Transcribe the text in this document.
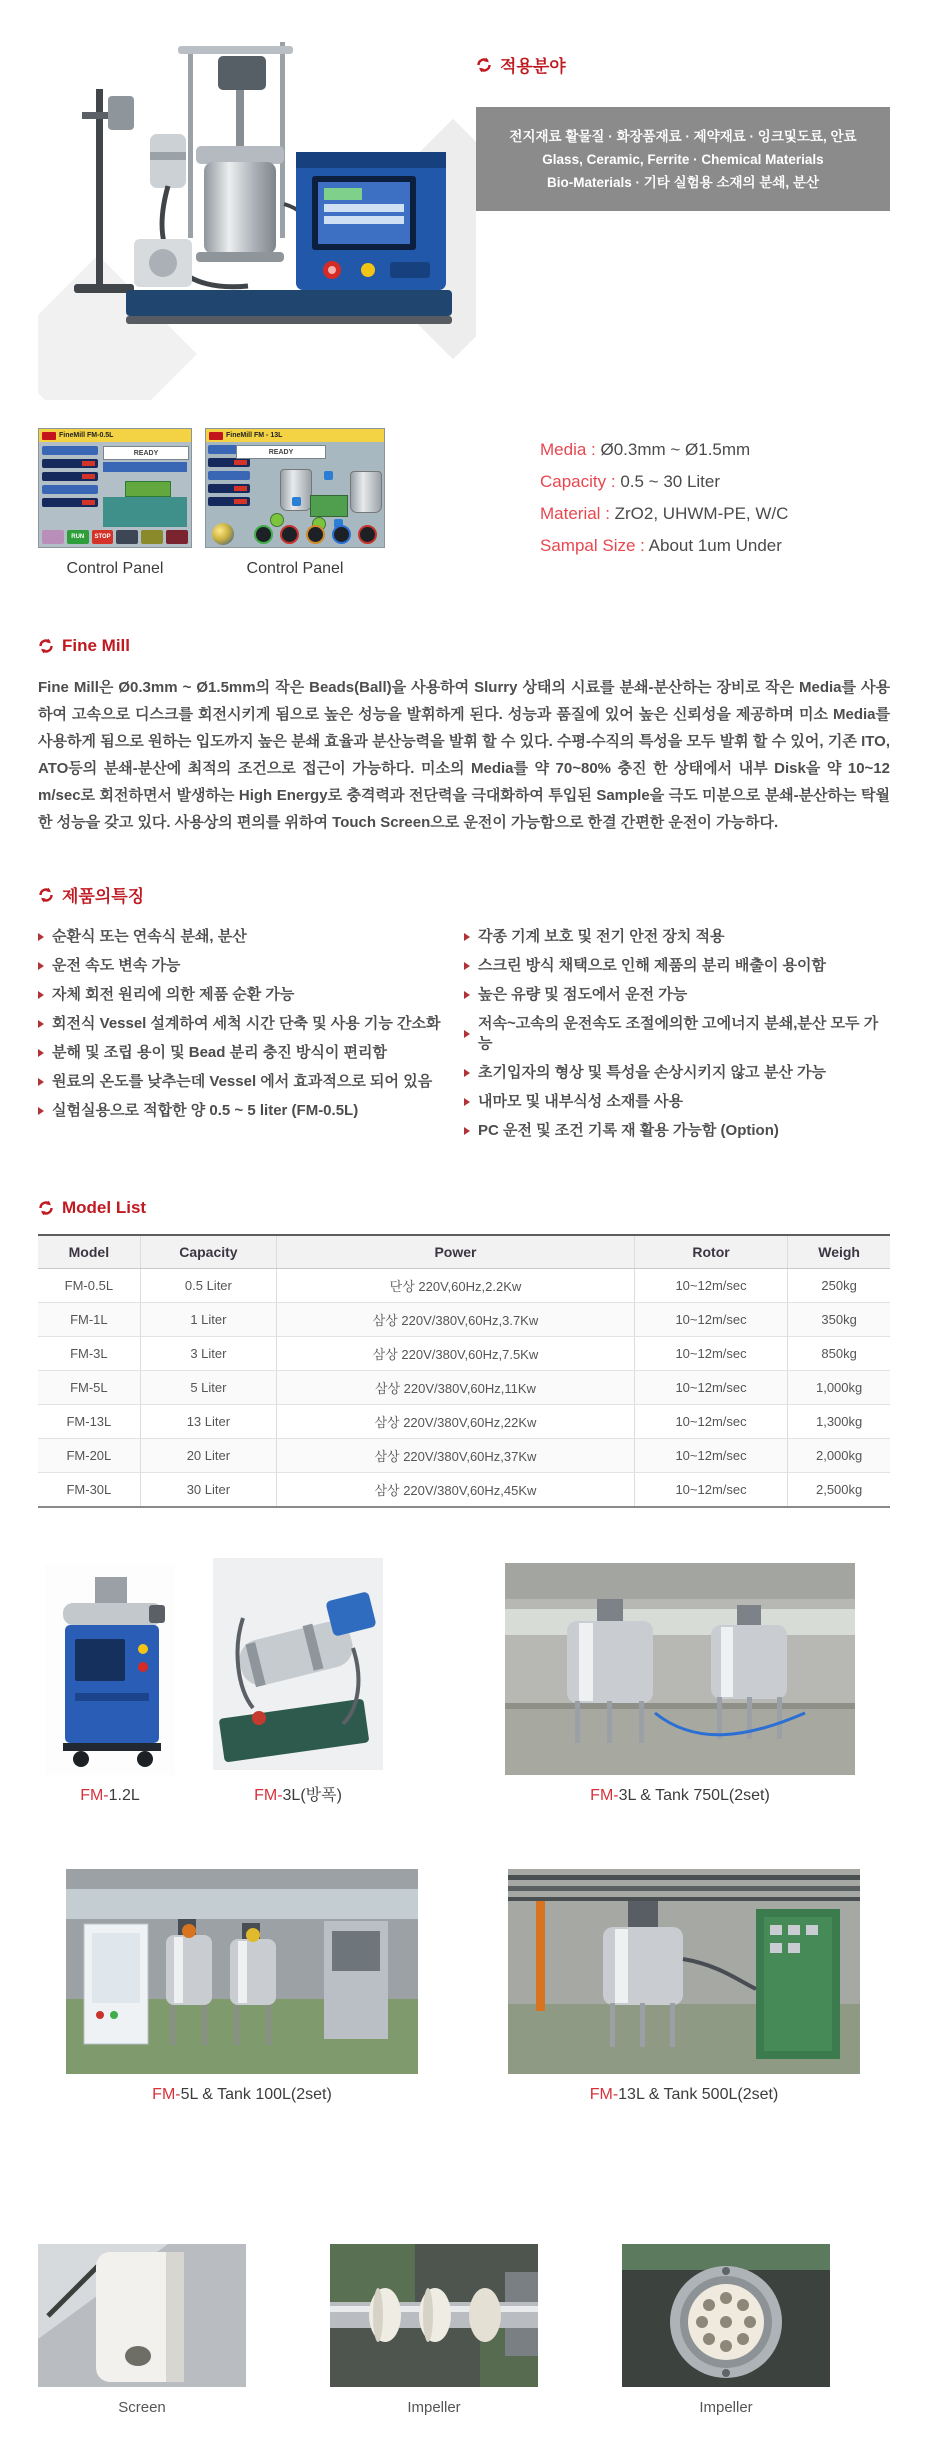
적용분야
전지재료 활물질 · 화장품재료 · 제약재료 · 잉크및도료, 안료
Glass, Ceramic, Ferrite · Chemical Materials
Bio-Materials · 기타 실험용 소재의 분쇄, 분산
FineMill FM-0.5L
READY
RUN	STOP
Control Panel
FineMill FM - 13L
READY
Control Panel
Media : Ø0.3mm ~ Ø1.5mm
Capacity : 0.5 ~ 30 Liter
Material : ZrO2, UHWM-PE, W/C
Sampal Size : About 1um Under
Fine Mill

Fine Mill은 Ø0.3mm ~ Ø1.5mm의 작은 Beads(Ball)을 사용하여 Slurry 상태의 시료를 분쇄-분산하는 장비로 작은 Media를 사용하여 고속으로 디스크를 회전시키게 됨으로 높은 성능을 발휘하게 된다. 성능과 품질에 있어 높은 신뢰성을 제공하며 미소 Media를 사용하게 됨으로 원하는 입도까지 높은 분쇄 효율과 분산능력을 발휘 할 수 있다. 수평-수직의 특성을 모두 발휘 할 수 있어, 기존 ITO, ATO등의 분쇄-분산에 최적의 조건으로 접근이 가능하다. 미소의 Media를 약 70~80% 충진 한 상태에서 내부 Disk을 약 10~12 m/sec로 회전하면서 발생하는 High Energy로 충격력과 전단력을 극대화하여 투입된 Sample을 극도 미분으로 분쇄-분산하는 탁월한 성능을 갖고 있다. 사용상의 편의를 위하여 Touch Screen으로 운전이 가능함으로 한결 간편한 운전이 가능하다.

제품의특징
순환식 또는 연속식 분쇄, 분산
운전 속도 변속 가능
자체 회전 원리에 의한 제품 순환 가능
회전식 Vessel 설계하여 세척 시간 단축 및 사용 기능 간소화
분해 및 조립 용이 및 Bead 분리 충진 방식이 편리함
원료의 온도를 낮추는데 Vessel 에서 효과적으로 되어 있음
실험실용으로 적합한 양 0.5 ~ 5 liter (FM-0.5L)
각종 기계 보호 및 전기 안전 장치 적용
스크린 방식 채택으로 인해 제품의 분리 배출이 용이함
높은 유량 및 점도에서 운전 가능
저속~고속의 운전속도 조절에의한 고에너지 분쇄,분산 모두 가능
초기입자의 형상 및 특성을 손상시키지 않고 분산 가능
내마모 및 내부식성 소재를 사용
PC 운전 및 조건 기록 재 활용 가능함 (Option)
Model List
Model	Capacity	Power	Rotor	Weigh
FM-0.5L	0.5 Liter	단상 220V,60Hz,2.2Kw	10~12m/sec	250kg
FM-1L	1 Liter	삼상 220V/380V,60Hz,3.7Kw	10~12m/sec	350kg
FM-3L	3 Liter	삼상 220V/380V,60Hz,7.5Kw	10~12m/sec	850kg
FM-5L	5 Liter	삼상 220V/380V,60Hz,11Kw	10~12m/sec	1,000kg
FM-13L	13 Liter	삼상 220V/380V,60Hz,22Kw	10~12m/sec	1,300kg
FM-20L	20 Liter	삼상 220V/380V,60Hz,37Kw	10~12m/sec	2,000kg
FM-30L	30 Liter	삼상 220V/380V,60Hz,45Kw	10~12m/sec	2,500kg
FM-1.2L	FM-3L(방폭)	FM-3L & Tank 750L(2set)
FM-5L & Tank 100L(2set)	FM-13L & Tank 500L(2set)
Screen	Impeller	Impeller
